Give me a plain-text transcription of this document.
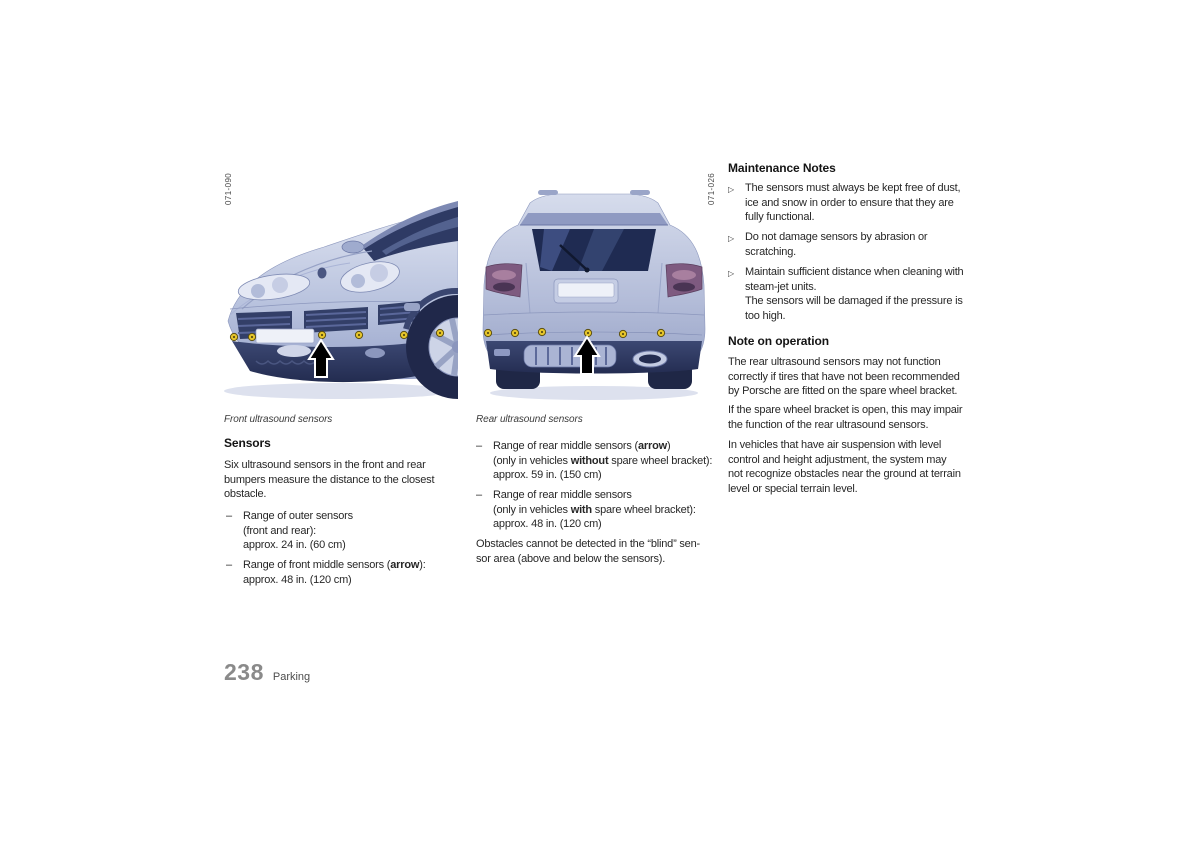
071-090	071-026
Front ultrasound sensors	Rear ultrasound sensors
Sensors
Six ultrasound sensors in the front and rear
bumpers measure the distance to the closest
obstacle.
–	Range of outer sensors
(front and rear):
approx. 24 in. (60 cm)
–	Range of front middle sensors (arrow):
approx. 48 in. (120 cm)
–	Range of rear middle sensors (arrow)
(only in vehicles without spare wheel bracket):
approx. 59 in. (150 cm)
–	Range of rear middle sensors
(only in vehicles with spare wheel bracket):
approx. 48 in. (120 cm)
Obstacles cannot be detected in the “blind” sen-
sor area (above and below the sensors).
Maintenance Notes
▷	The sensors must always be kept free of dust,
ice and snow in order to ensure that they are
fully functional.
▷	Do not damage sensors by abrasion or
scratching.
▷	Maintain sufficient distance when cleaning with
steam-jet units.
The sensors will be damaged if the pressure is
too high.
Note on operation
The rear ultrasound sensors may not function
correctly if tires that have not been recommended
by Porsche are fitted on the spare wheel bracket.
If the spare wheel bracket is open, this may impair
the function of the rear ultrasound sensors.
In vehicles that have air suspension with level
control and height adjustment, the system may
not recognize obstacles near the ground at terrain
level or special terrain level.
238 Parking
